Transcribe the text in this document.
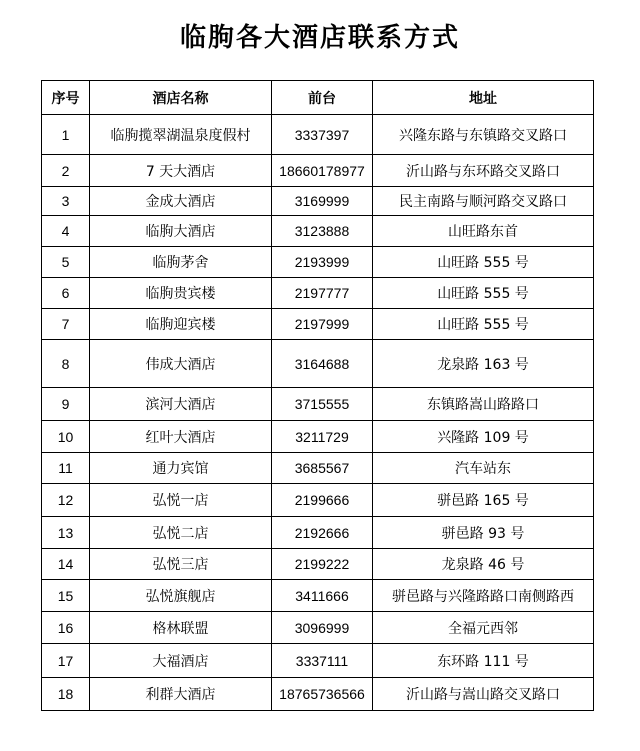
临朐各大酒店联系方式
序号	酒店名称	前台	地址
1	临朐揽翠湖温泉度假村	3337397	兴隆东路与东镇路交叉路口
2	7 天大酒店	18660178977	沂山路与东环路交叉路口
3	金成大酒店	3169999	民主南路与顺河路交叉路口
4	临朐大酒店	3123888	山旺路东首
5	临朐茅舍	2193999	山旺路 555 号
6	临朐贵宾楼	2197777	山旺路 555 号
7	临朐迎宾楼	2197999	山旺路 555 号
8	伟成大酒店	3164688	龙泉路 163 号
9	滨河大酒店	3715555	东镇路嵩山路路口
10	红叶大酒店	3211729	兴隆路 109 号
11	通力宾馆	3685567	汽车站东
12	弘悦一店	2199666	骈邑路 165 号
13	弘悦二店	2192666	骈邑路 93 号
14	弘悦三店	2199222	龙泉路 46 号
15	弘悦旗舰店	3411666	骈邑路与兴隆路路口南侧路西
16	格林联盟	3096999	全福元西邻
17	大福酒店	3337111	东环路 111 号
18	利群大酒店	18765736566	沂山路与嵩山路交叉路口
